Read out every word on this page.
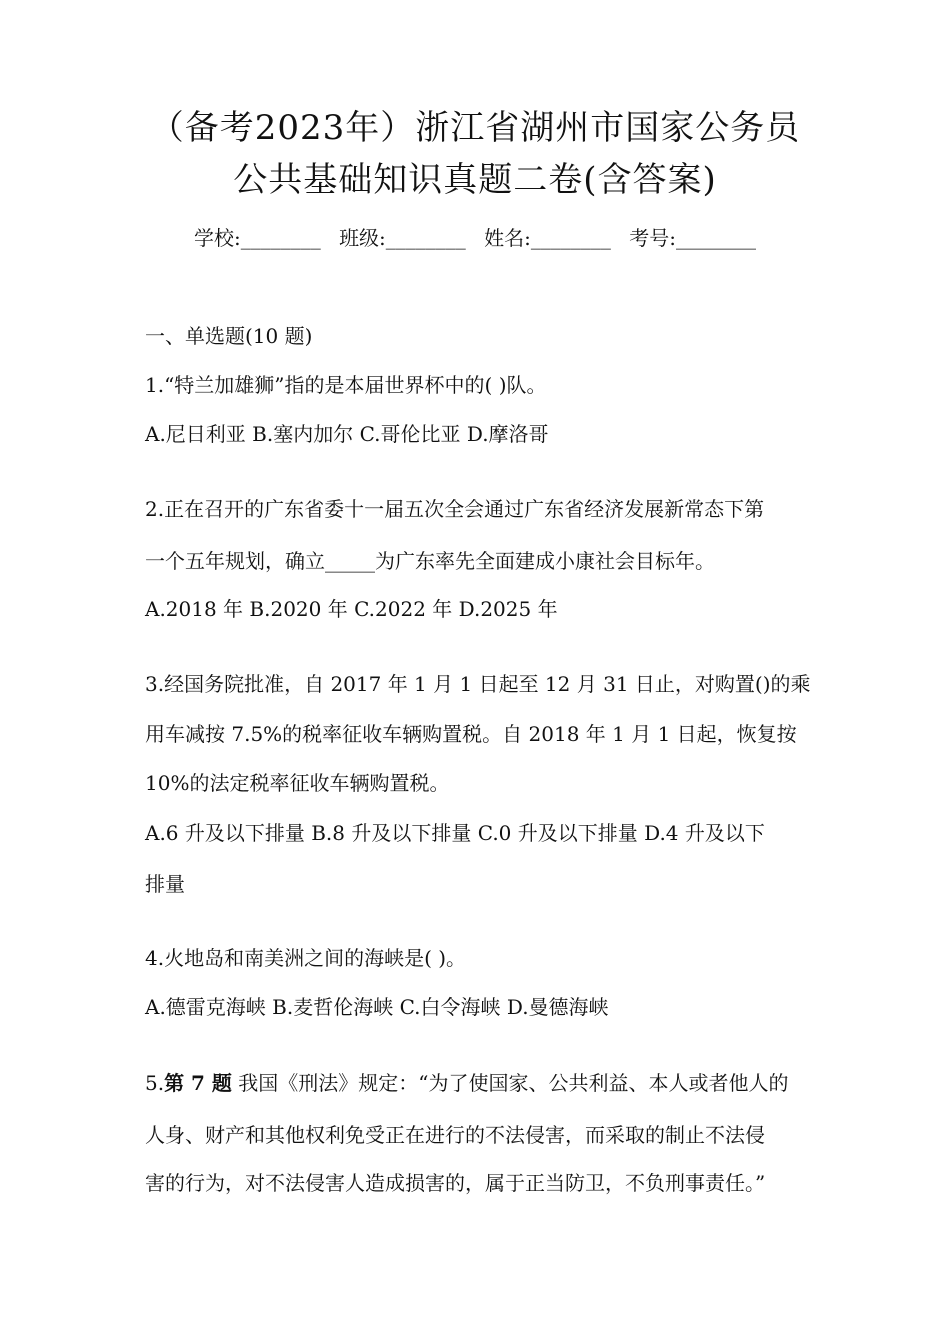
（备考2023年）浙江省湖州市国家公务员
公共基础知识真题二卷(含答案)
学校:________ 班级:________ 姓名:________ 考号:________
一、单选题(10 题)
1.“特兰加雄狮”指的是本届世界杯中的( )队。
A.尼日利亚 B.塞内加尔 C.哥伦比亚 D.摩洛哥
2.正在召开的广东省委十一届五次全会通过广东省经济发展新常态下第
一个五年规划，确立_____为广东率先全面建成小康社会目标年。
A.2018 年 B.2020 年 C.2022 年 D.2025 年
3.经国务院批准，自 2017 年 1 月 1 日起至 12 月 31 日止，对购置()的乘
用车减按 7.5%的税率征收车辆购置税。自 2018 年 1 月 1 日起，恢复按
10%的法定税率征收车辆购置税。
A.6 升及以下排量 B.8 升及以下排量 C.0 升及以下排量 D.4 升及以下
排量
4.火地岛和南美洲之间的海峡是( )。
A.德雷克海峡 B.麦哲伦海峡 C.白令海峡 D.曼德海峡
5.第 7 题 我国《刑法》规定：“为了使国家、公共利益、本人或者他人的
人身、财产和其他权利免受正在进行的不法侵害，而采取的制止不法侵
害的行为，对不法侵害人造成损害的，属于正当防卫，不负刑事责任。”
